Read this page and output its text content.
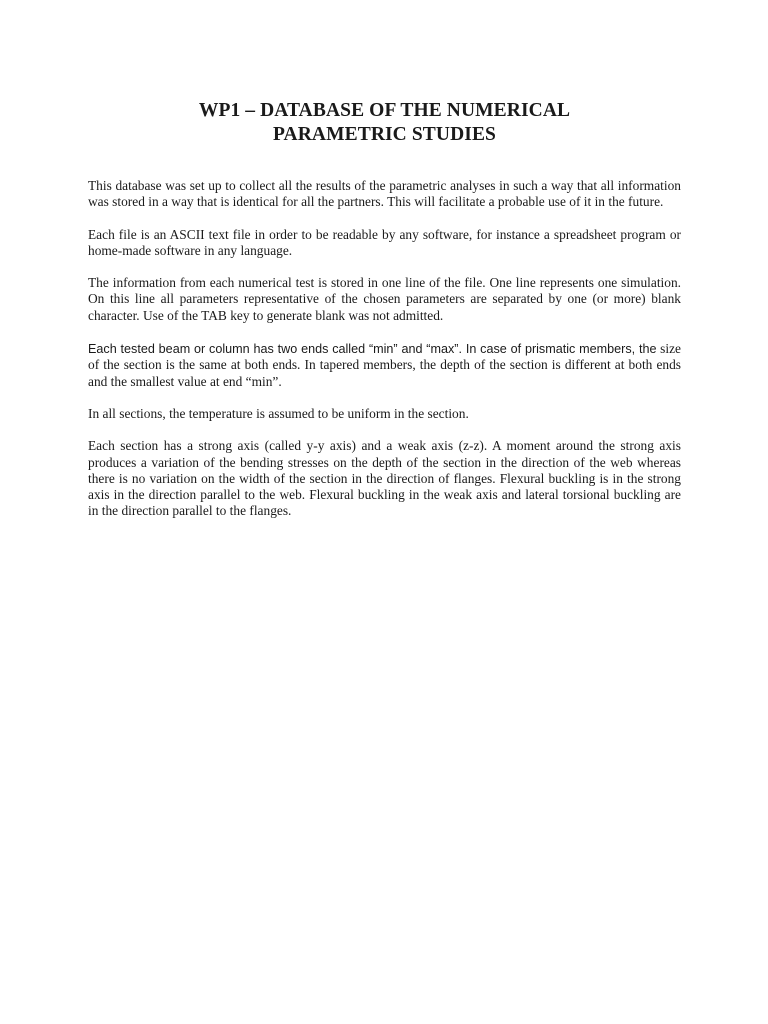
WP1 – DATABASE OF THE NUMERICAL
PARAMETRIC STUDIES

This database was set up to collect all the results of the parametric analyses in such a way that all information was stored in a way that is identical for all the partners. This will facilitate a probable use of it in the future.

Each file is an ASCII text file in order to be readable by any software, for instance a spreadsheet program or home-made software in any language.

The information from each numerical test is stored in one line of the file. One line represents one simulation. On this line all parameters representative of the chosen parameters are separated by one (or more) blank character. Use of the TAB key to generate blank was not admitted.

Each tested beam or column has two ends called “min” and “max”. In case of prismatic members, the size of the section is the same at both ends. In tapered members, the depth of the section is different at both ends and the smallest value at end “min”.

In all sections, the temperature is assumed to be uniform in the section.

Each section has a strong axis (called y-y axis) and a weak axis (z-z). A moment around the strong axis produces a variation of the bending stresses on the depth of the section in the direction of the web whereas there is no variation on the width of the section in the direction of flanges. Flexural buckling is in the strong axis in the direction parallel to the web. Flexural buckling in the weak axis and lateral torsional buckling are in the direction parallel to the flanges.
